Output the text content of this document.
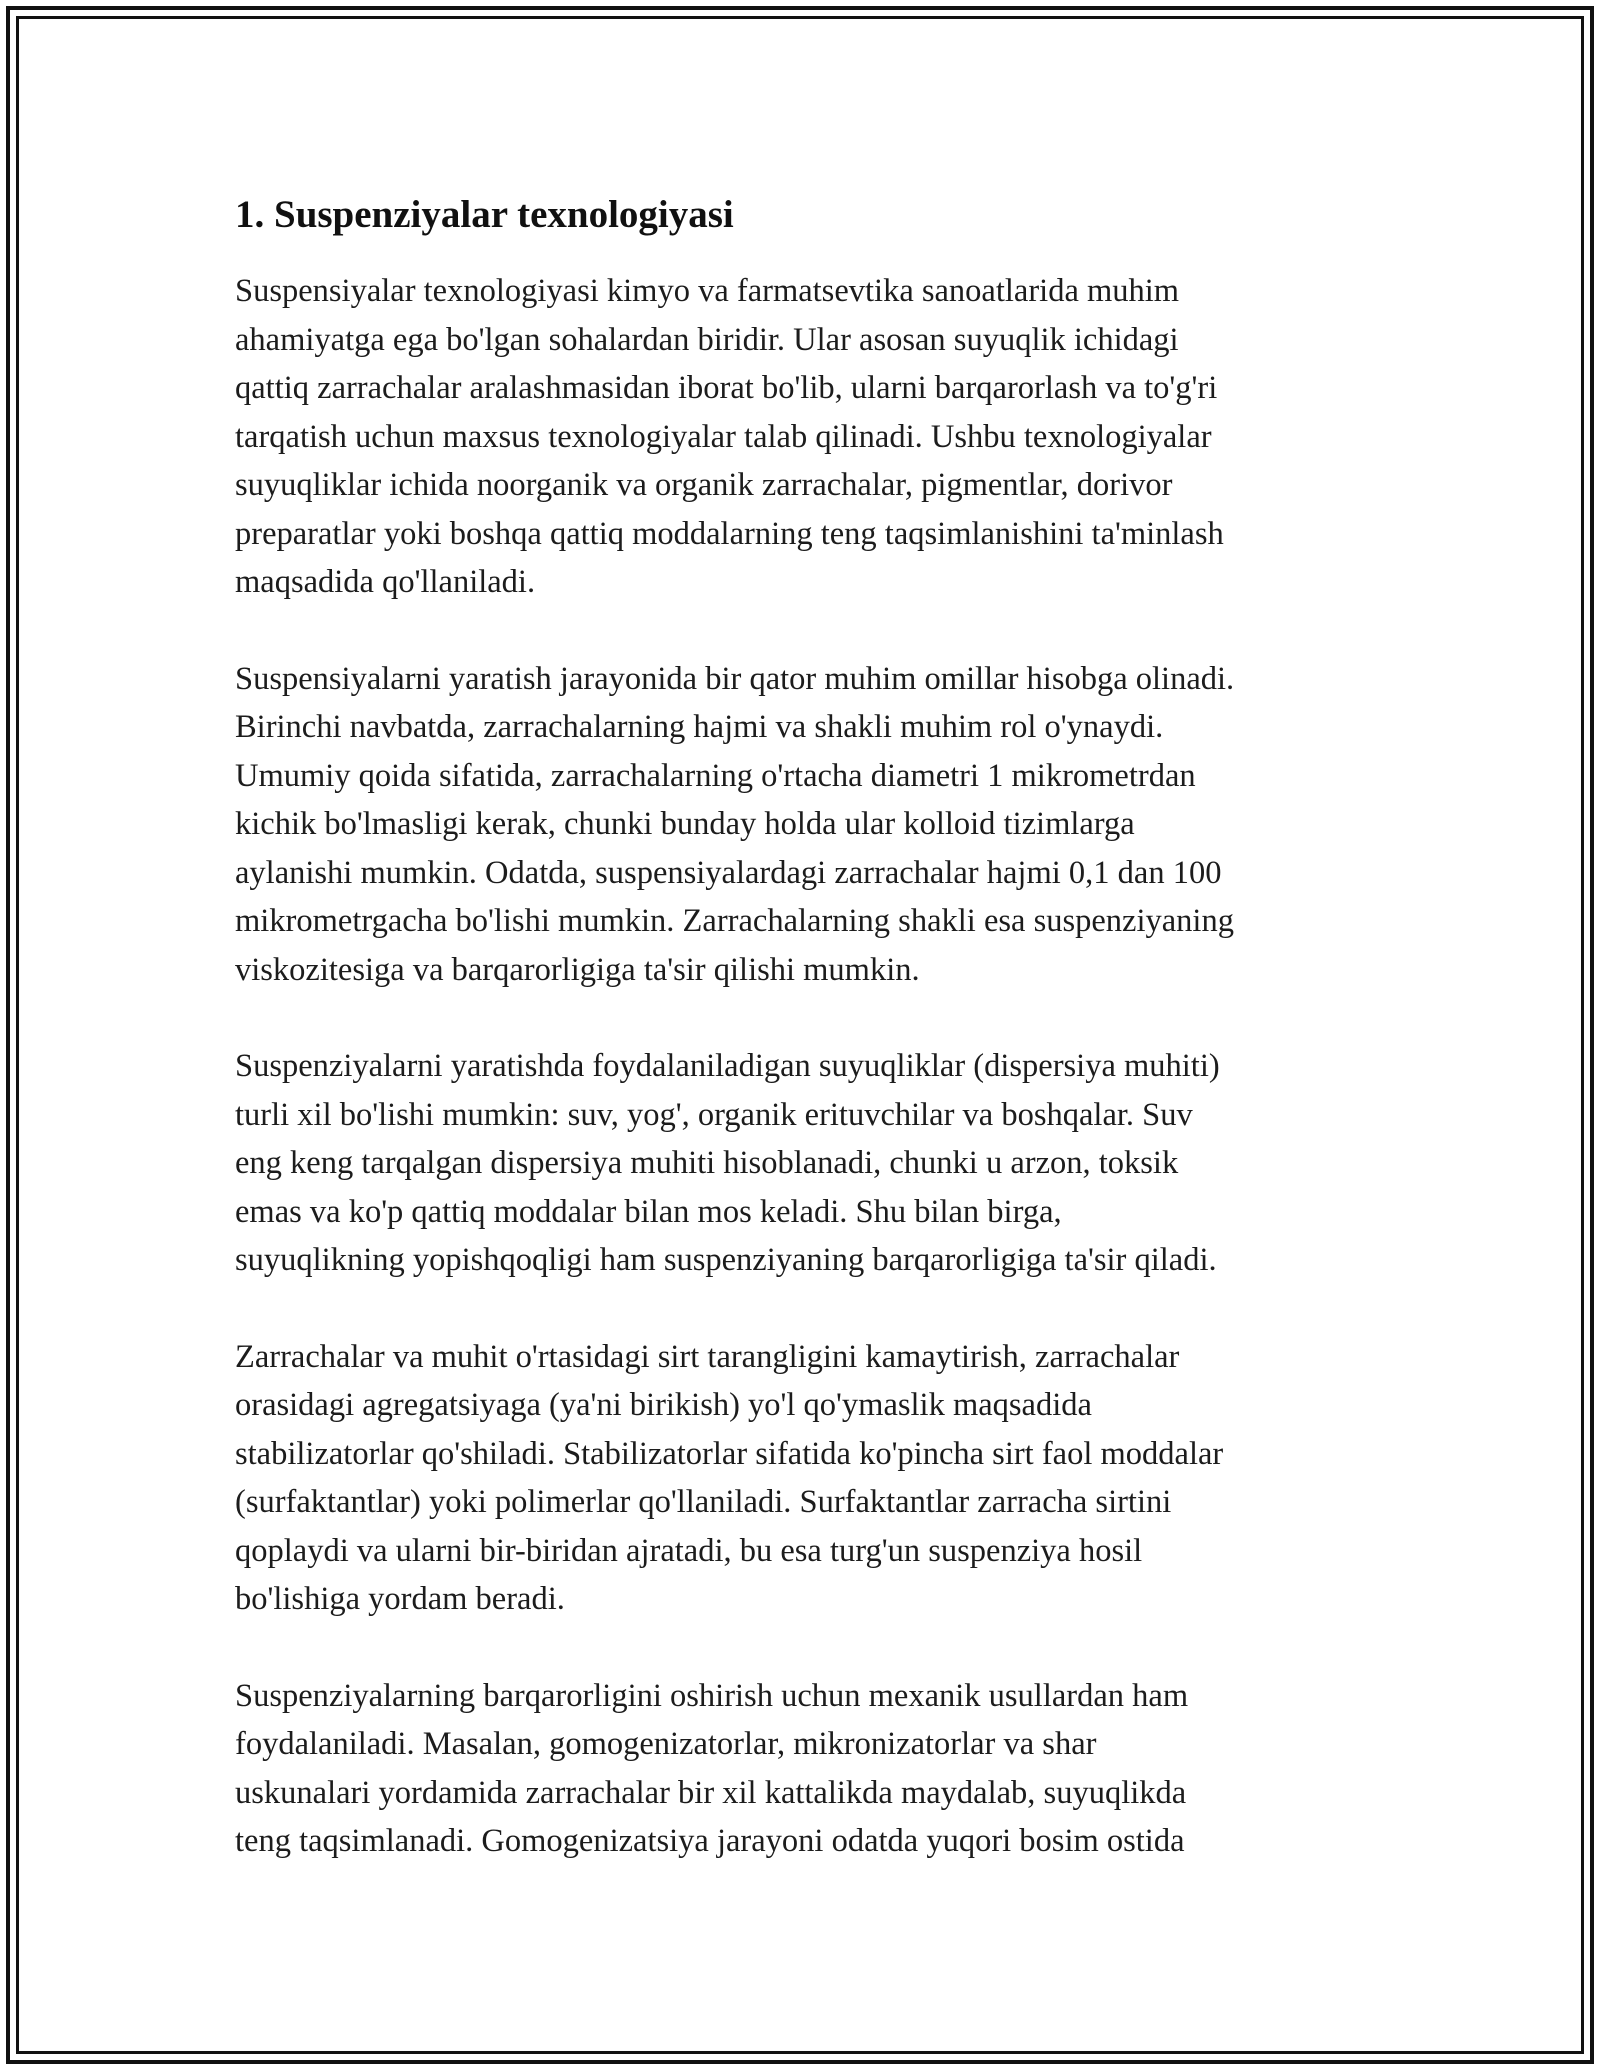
1. Suspenziyalar texnologiyasi

Suspensiyalar texnologiyasi kimyo va farmatsevtika sanoatlarida muhim
ahamiyatga ega bo'lgan sohalardan biridir. Ular asosan suyuqlik ichidagi
qattiq zarrachalar aralashmasidan iborat bo'lib, ularni barqarorlash va to'g'ri
tarqatish uchun maxsus texnologiyalar talab qilinadi. Ushbu texnologiyalar
suyuqliklar ichida noorganik va organik zarrachalar, pigmentlar, dorivor
preparatlar yoki boshqa qattiq moddalarning teng taqsimlanishini ta'minlash
maqsadida qo'llaniladi.

Suspensiyalarni yaratish jarayonida bir qator muhim omillar hisobga olinadi.
Birinchi navbatda, zarrachalarning hajmi va shakli muhim rol o'ynaydi.
Umumiy qoida sifatida, zarrachalarning o'rtacha diametri 1 mikrometrdan
kichik bo'lmasligi kerak, chunki bunday holda ular kolloid tizimlarga
aylanishi mumkin. Odatda, suspensiyalardagi zarrachalar hajmi 0,1 dan 100
mikrometrgacha bo'lishi mumkin. Zarrachalarning shakli esa suspenziyaning
viskozitesiga va barqarorligiga ta'sir qilishi mumkin.

Suspenziyalarni yaratishda foydalaniladigan suyuqliklar (dispersiya muhiti)
turli xil bo'lishi mumkin: suv, yog', organik erituvchilar va boshqalar. Suv
eng keng tarqalgan dispersiya muhiti hisoblanadi, chunki u arzon, toksik
emas va ko'p qattiq moddalar bilan mos keladi. Shu bilan birga,
suyuqlikning yopishqoqligi ham suspenziyaning barqarorligiga ta'sir qiladi.

Zarrachalar va muhit o'rtasidagi sirt tarangligini kamaytirish, zarrachalar
orasidagi agregatsiyaga (ya'ni birikish) yo'l qo'ymaslik maqsadida
stabilizatorlar qo'shiladi. Stabilizatorlar sifatida ko'pincha sirt faol moddalar
(surfaktantlar) yoki polimerlar qo'llaniladi. Surfaktantlar zarracha sirtini
qoplaydi va ularni bir-biridan ajratadi, bu esa turg'un suspenziya hosil
bo'lishiga yordam beradi.

Suspenziyalarning barqarorligini oshirish uchun mexanik usullardan ham
foydalaniladi. Masalan, gomogenizatorlar, mikronizatorlar va shar
uskunalari yordamida zarrachalar bir xil kattalikda maydalab, suyuqlikda
teng taqsimlanadi. Gomogenizatsiya jarayoni odatda yuqori bosim ostida
